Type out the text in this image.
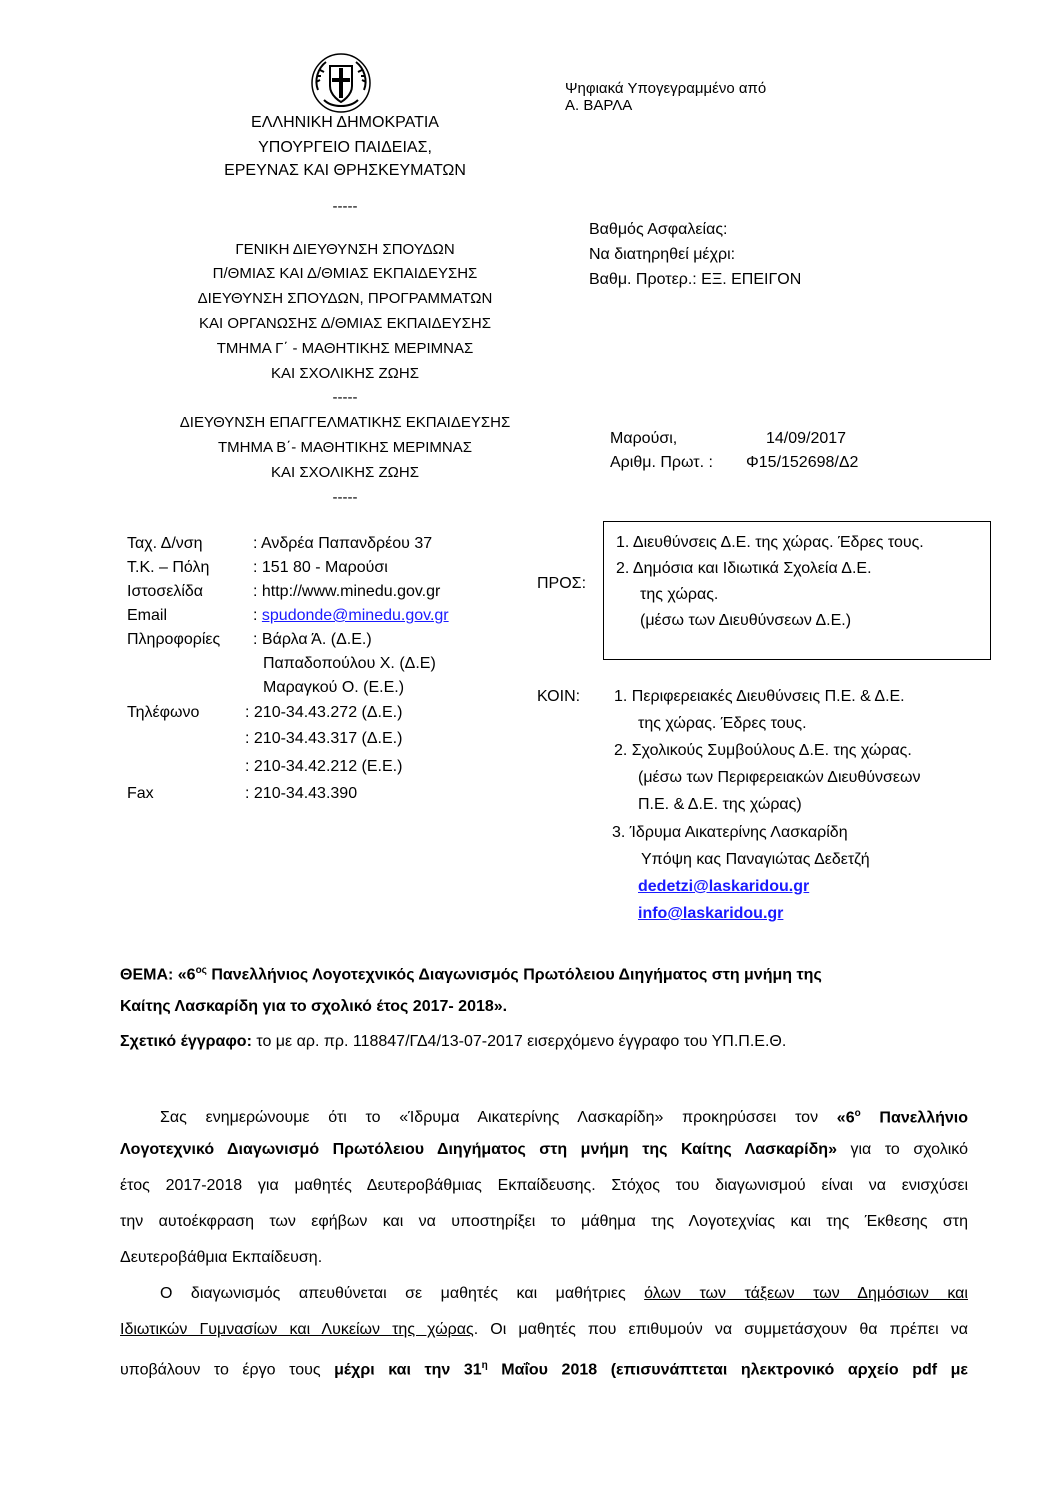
ΕΛΛΗΝΙΚΗ ΔΗΜΟΚΡΑΤΙΑ
ΥΠΟΥΡΓΕΙΟ ΠΑΙΔΕΙΑΣ,
ΕΡΕΥΝΑΣ ΚΑΙ ΘΡΗΣΚΕΥΜΑΤΩΝ
-----
ΓΕΝΙΚΗ ΔΙΕΥΘΥΝΣΗ ΣΠΟΥΔΩΝ
Π/ΘΜΙΑΣ ΚΑΙ Δ/ΘΜΙΑΣ ΕΚΠΑΙΔΕΥΣΗΣ
ΔΙΕΥΘΥΝΣΗ ΣΠΟΥΔΩΝ, ΠΡΟΓΡΑΜΜΑΤΩΝ
ΚΑΙ ΟΡΓΑΝΩΣΗΣ Δ/ΘΜΙΑΣ ΕΚΠΑΙΔΕΥΣΗΣ
ΤΜΗΜΑ Γ΄ - ΜΑΘΗΤΙΚΗΣ ΜΕΡΙΜΝΑΣ
ΚΑΙ ΣΧΟΛΙΚΗΣ ΖΩΗΣ
-----
ΔΙΕΥΘΥΝΣΗ ΕΠΑΓΓΕΛΜΑΤΙΚΗΣ ΕΚΠΑΙΔΕΥΣΗΣ
ΤΜΗΜΑ Β΄- ΜΑΘΗΤΙΚΗΣ ΜΕΡΙΜΝΑΣ
ΚΑΙ ΣΧΟΛΙΚΗΣ ΖΩΗΣ
-----
Ψηφιακά Υπογεγραμμένο από
Α. ΒΑΡΛΑ
Βαθμός Ασφαλείας:
Να διατηρηθεί μέχρι:
Βαθμ. Προτερ.: ΕΞ. ΕΠΕΙΓΟΝ
Μαρούσι,	14/09/2017
Αριθμ. Πρωτ. : Φ15/152698/Δ2
Ταχ. Δ/νση	: Ανδρέα Παπανδρέου 37
Τ.Κ. – Πόλη	: 151 80 - Μαρούσι
Ιστοσελίδα	: http://www.minedu.gov.gr
Email	: spudonde@minedu.gov.gr
Πληροφορίες : Βάρλα Ά. (Δ.Ε.)
Παπαδοπούλου Χ. (Δ.Ε)
Μαραγκού Ο. (Ε.Ε.)
Τηλέφωνο	: 210-34.43.272 (Δ.Ε.)
: 210-34.43.317 (Δ.Ε.)
: 210-34.42.212 (Ε.Ε.)
Fax	: 210-34.43.390
ΠΡΟΣ:
1. Διευθύνσεις Δ.Ε. της χώρας. Έδρες τους.
2. Δημόσια και Ιδιωτικά Σχολεία Δ.Ε.
της χώρας.
(μέσω των Διευθύνσεων Δ.Ε.)
ΚΟΙΝ: 1. Περιφερειακές Διευθύνσεις Π.Ε. & Δ.Ε.
της χώρας. Έδρες τους.
2. Σχολικούς Συμβούλους Δ.Ε. της χώρας.
(μέσω των Περιφερειακών Διευθύνσεων
Π.Ε. & Δ.Ε. της χώρας)
3. Ίδρυμα Αικατερίνης Λασκαρίδη
Υπόψη κας Παναγιώτας Δεδετζή
dedetzi@laskaridou.gr
info@laskaridou.gr
ΘΕΜΑ: «$6^{o\varsigma}$ Πανελλήνιος Λογοτεχνικός Διαγωνισμός Πρωτόλειου Διηγήματος στη μνήμη της
Καίτης Λασκαρίδη για το σχολικό έτος 2017- 2018».
Σχετικό έγγραφο: το με αρ. πρ. 118847/ΓΔ4/13-07-2017 εισερχόμενο έγγραφο του ΥΠ.Π.Ε.Θ.
Σας ενημερώνουμε ότι το «Ίδρυμα Αικατερίνης Λασκαρίδη» προκηρύσσει τον «$6^o$ Πανελλήνιο
Λογοτεχνικό Διαγωνισμό Πρωτόλειου Διηγήματος στη μνήμη της Καίτης Λασκαρίδη» για το σχολικό
έτος 2017-2018 για μαθητές Δευτεροβάθμιας Εκπαίδευσης. Στόχος του διαγωνισμού είναι να ενισχύσει
την αυτοέκφραση των εφήβων και να υποστηρίξει το μάθημα της Λογοτεχνίας και της Έκθεσης στη
Δευτεροβάθμια Εκπαίδευση.
Ο διαγωνισμός απευθύνεται σε μαθητές και μαθήτριες όλων των τάξεων των Δημόσιων και
Ιδιωτικών Γυμνασίων και Λυκείων της χώρας. Οι μαθητές που επιθυμούν να συμμετάσχουν θα πρέπει να
υποβάλουν το έργο τους μέχρι και την $31^\eta$ Μαΐου 2018 (επισυνάπτεται ηλεκτρονικό αρχείο pdf με
